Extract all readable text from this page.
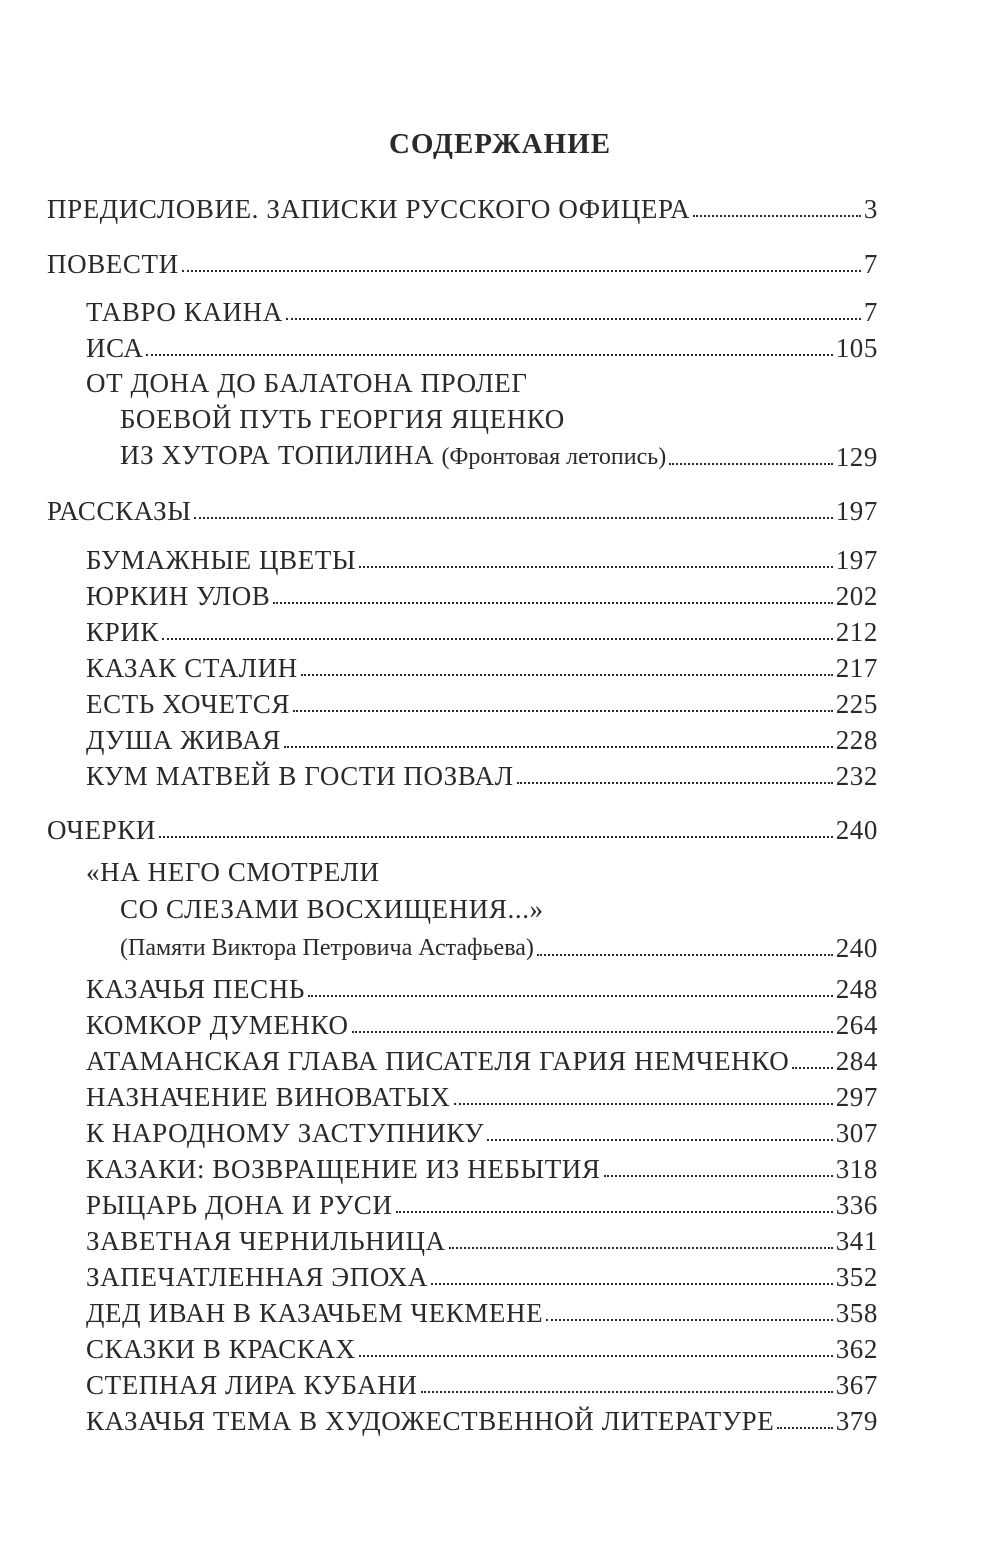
СОДЕРЖАНИЕ
ПРЕДИСЛОВИЕ. ЗАПИСКИ РУССКОГО ОФИЦЕРА	3
ПОВЕСТИ	7
ТАВРО КАИНА	7
ИСА	105
ОТ ДОНА ДО БАЛАТОНА ПРОЛЕГ
БОЕВОЙ ПУТЬ ГЕОРГИЯ ЯЦЕНКО
ИЗ ХУТОРА ТОПИЛИНА (Фронтовая летопись)	129
РАССКАЗЫ	197
БУМАЖНЫЕ ЦВЕТЫ	197
ЮРКИН УЛОВ	202
КРИК	212
КАЗАК СТАЛИН	217
ЕСТЬ ХОЧЕТСЯ	225
ДУША ЖИВАЯ	228
КУМ МАТВЕЙ В ГОСТИ ПОЗВАЛ	232
ОЧЕРКИ	240
«НА НЕГО СМОТРЕЛИ
СО СЛЕЗАМИ ВОСХИЩЕНИЯ...»
(Памяти Виктора Петровича Астафьева)	240
КАЗАЧЬЯ ПЕСНЬ	248
КОМКОР ДУМЕНКО	264
АТАМАНСКАЯ ГЛАВА ПИСАТЕЛЯ ГАРИЯ НЕМЧЕНКО 284
НАЗНАЧЕНИЕ ВИНОВАТЫХ	297
К НАРОДНОМУ ЗАСТУПНИКУ	307
КАЗАКИ: ВОЗВРАЩЕНИЕ ИЗ НЕБЫТИЯ	318
РЫЦАРЬ ДОНА И РУСИ	336
ЗАВЕТНАЯ ЧЕРНИЛЬНИЦА	341
ЗАПЕЧАТЛЕННАЯ ЭПОХА	352
ДЕД ИВАН В КАЗАЧЬЕМ ЧЕКМЕНЕ	358
СКАЗКИ В КРАСКАХ	362
СТЕПНАЯ ЛИРА КУБАНИ	367
КАЗАЧЬЯ ТЕМА В ХУДОЖЕСТВЕННОЙ ЛИТЕРАТУРЕ 379
